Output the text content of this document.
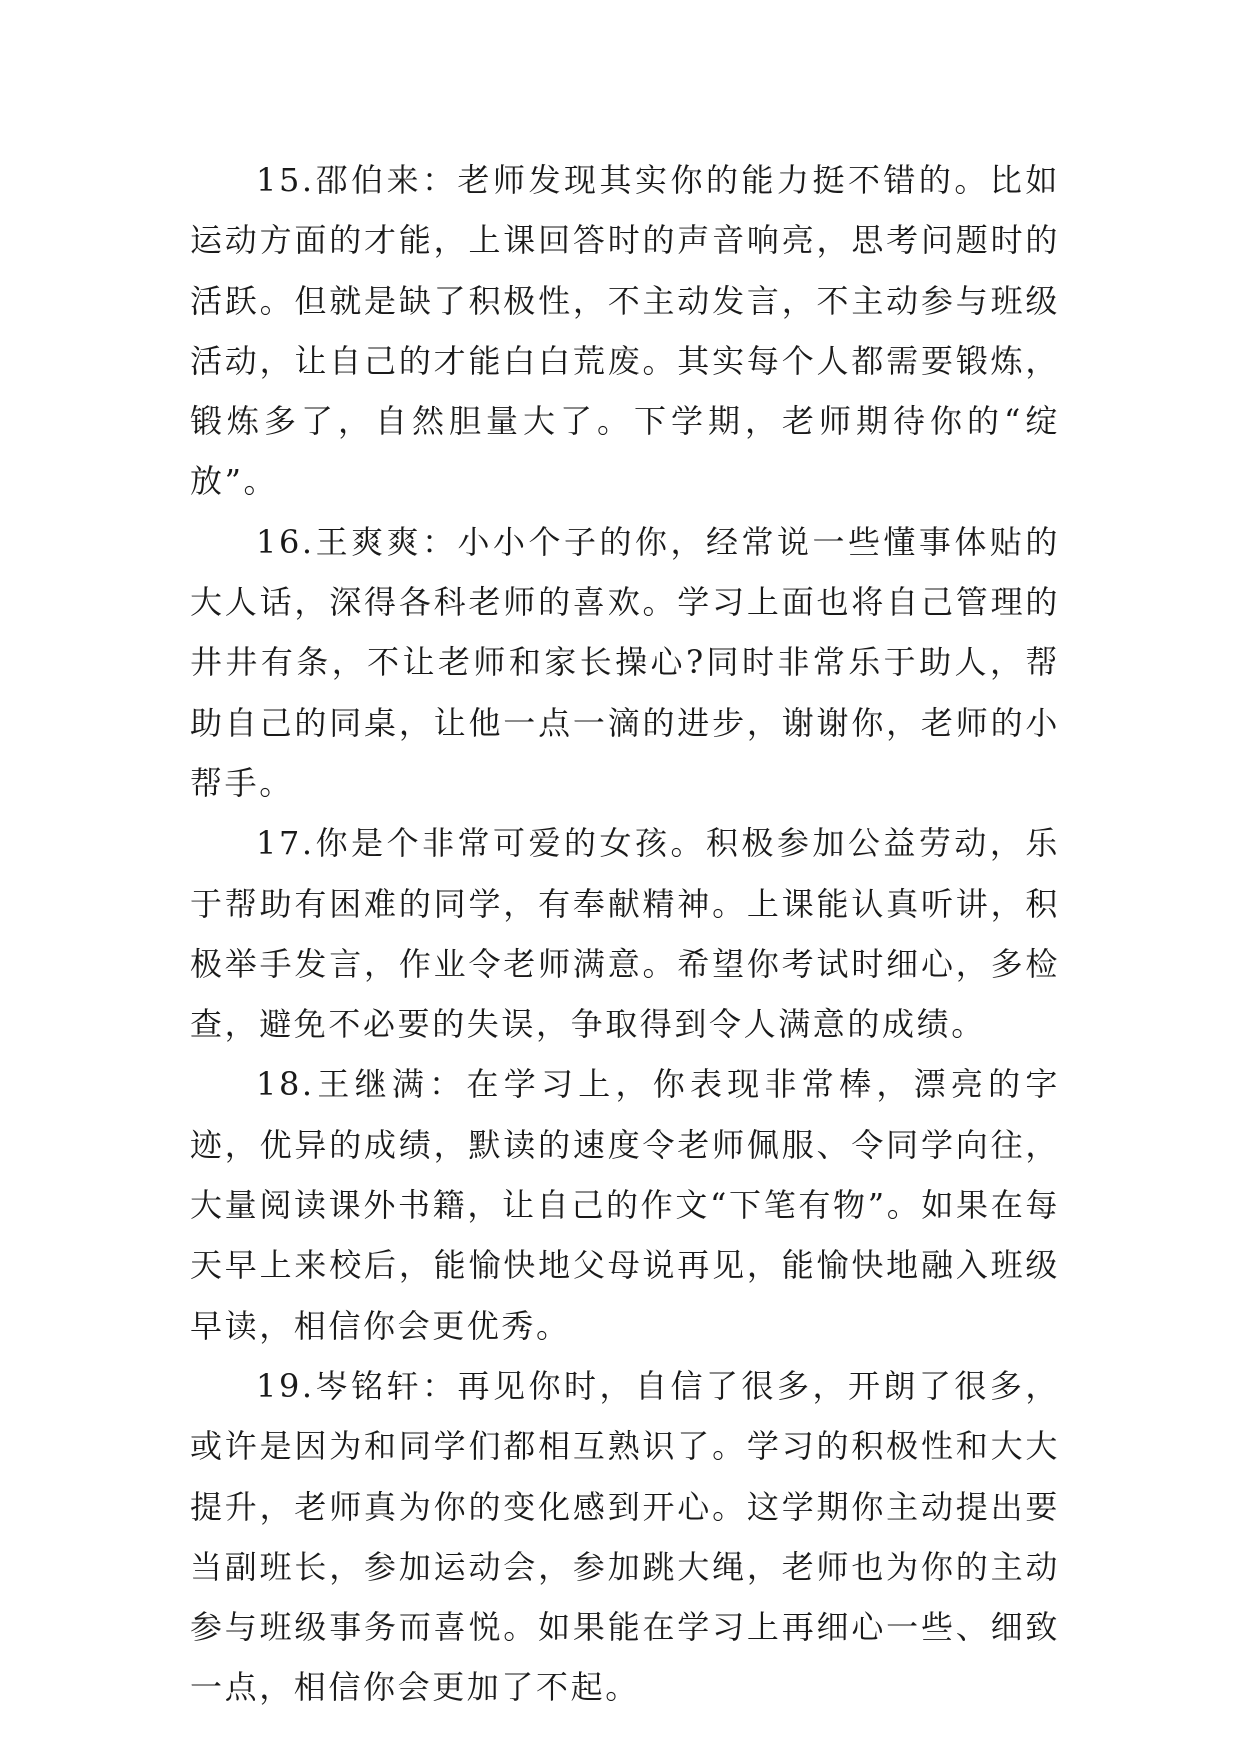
15.邵伯来：老师发现其实你的能力挺不错的。比如运动方面的才能，上课回答时的声音响亮，思考问题时的活跃。但就是缺了积极性，不主动发言，不主动参与班级活动，让自己的才能白白荒废。其实每个人都需要锻炼，锻炼多了，自然胆量大了。下学期，老师期待你的“绽放”。

16.王爽爽：小小个子的你，经常说一些懂事体贴的大人话，深得各科老师的喜欢。学习上面也将自己管理的井井有条，不让老师和家长操心?同时非常乐于助人，帮助自己的同桌，让他一点一滴的进步，谢谢你，老师的小帮手。

17.你是个非常可爱的女孩。积极参加公益劳动，乐于帮助有困难的同学，有奉献精神。上课能认真听讲，积极举手发言，作业令老师满意。希望你考试时细心，多检查，避免不必要的失误，争取得到令人满意的成绩。

18.王继满：在学习上，你表现非常棒，漂亮的字迹，优异的成绩，默读的速度令老师佩服、令同学向往，大量阅读课外书籍，让自己的作文“下笔有物”。如果在每天早上来校后，能愉快地父母说再见，能愉快地融入班级早读，相信你会更优秀。

19.岑铭轩：再见你时，自信了很多，开朗了很多，或许是因为和同学们都相互熟识了。学习的积极性和大大提升，老师真为你的变化感到开心。这学期你主动提出要当副班长，参加运动会，参加跳大绳，老师也为你的主动参与班级事务而喜悦。如果能在学习上再细心一些、细致一点，相信你会更加了不起。
